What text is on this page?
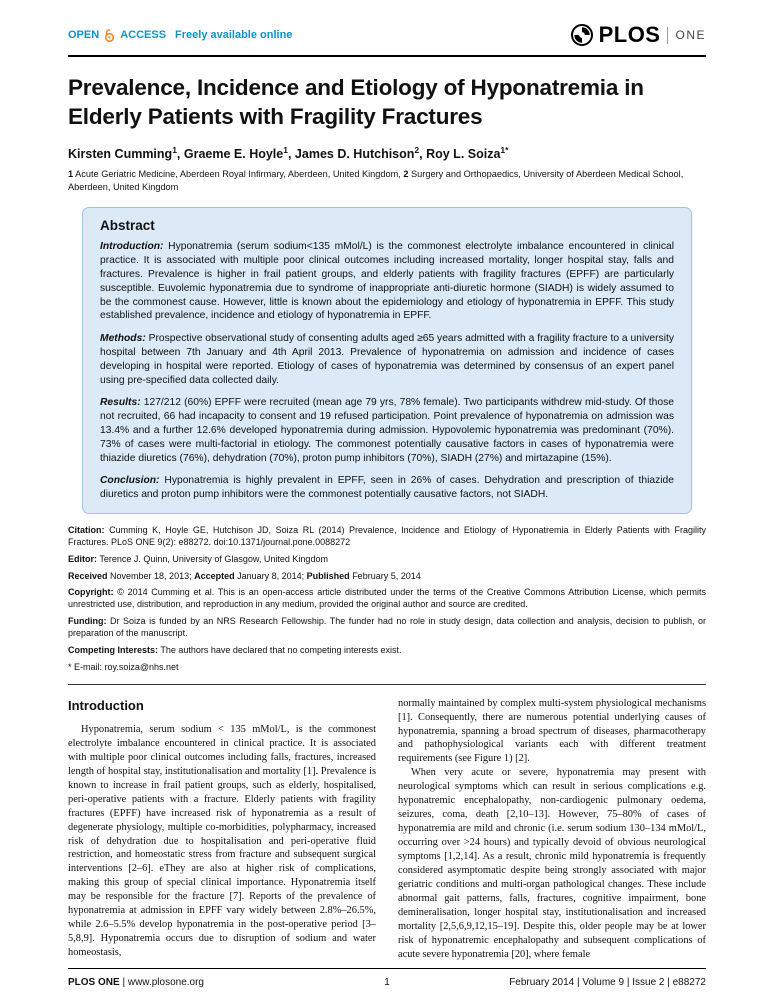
OPEN ACCESS Freely available online	PLOS ONE
Prevalence, Incidence and Etiology of Hyponatremia in Elderly Patients with Fragility Fractures

Kirsten Cumming$^1$, Graeme E. Hoyle$^1$, James D. Hutchison$^2$, Roy L. Soiza$^{1*}$

1 Acute Geriatric Medicine, Aberdeen Royal Infirmary, Aberdeen, United Kingdom, 2 Surgery and Orthopaedics, University of Aberdeen Medical School, Aberdeen, United Kingdom

Abstract

Introduction: Hyponatremia (serum sodium<135 mMol/L) is the commonest electrolyte imbalance encountered in clinical practice. It is associated with multiple poor clinical outcomes including increased mortality, longer hospital stay, falls and fractures. Prevalence is higher in frail patient groups, and elderly patients with fragility fractures (EPFF) are particularly susceptible. Euvolemic hyponatremia due to syndrome of inappropriate anti-diuretic hormone (SIADH) is widely assumed to be the commonest cause. However, little is known about the epidemiology and etiology of hyponatremia in EPFF. This study established prevalence, incidence and etiology of hyponatremia in EPFF.

Methods: Prospective observational study of consenting adults aged ≥65 years admitted with a fragility fracture to a university hospital between 7th January and 4th April 2013. Prevalence of hyponatremia on admission and incidence of cases developing in hospital were reported. Etiology of cases of hyponatremia was determined by consensus of an expert panel using pre-specified data collected daily.

Results: 127/212 (60%) EPFF were recruited (mean age 79 yrs, 78% female). Two participants withdrew mid-study. Of those not recruited, 66 had incapacity to consent and 19 refused participation. Point prevalence of hyponatremia on admission was 13.4% and a further 12.6% developed hyponatremia during admission. Hypovolemic hyponatremia was predominant (70%). 73% of cases were multi-factorial in etiology. The commonest potentially causative factors in cases of hyponatremia were thiazide diuretics (76%), dehydration (70%), proton pump inhibitors (70%), SIADH (27%) and mirtazapine (15%).

Conclusion: Hyponatremia is highly prevalent in EPFF, seen in 26% of cases. Dehydration and prescription of thiazide diuretics and proton pump inhibitors were the commonest potentially causative factors, not SIADH.

Citation: Cumming K, Hoyle GE, Hutchison JD, Soiza RL (2014) Prevalence, Incidence and Etiology of Hyponatremia in Elderly Patients with Fragility Fractures. PLoS ONE 9(2): e88272. doi:10.1371/journal.pone.0088272

Editor: Terence J. Quinn, University of Glasgow, United Kingdom

Received November 18, 2013; Accepted January 8, 2014; Published February 5, 2014

Copyright: © 2014 Cumming et al. This is an open-access article distributed under the terms of the Creative Commons Attribution License, which permits unrestricted use, distribution, and reproduction in any medium, provided the original author and source are credited.

Funding: Dr Soiza is funded by an NRS Research Fellowship. The funder had no role in study design, data collection and analysis, decision to publish, or preparation of the manuscript.

Competing Interests: The authors have declared that no competing interests exist.

* E-mail: roy.soiza@nhs.net

Introduction

Hyponatremia, serum sodium < 135 mMol/L, is the commonest electrolyte imbalance encountered in clinical practice. It is associated with multiple poor clinical outcomes including falls, fractures, increased length of hospital stay, institutionalisation and mortality [1]. Prevalence is known to increase in frail patient groups, such as elderly, hospitalised, peri-operative patients with a fracture. Elderly patients with fragility fractures (EPFF) have increased risk of hyponatremia as a result of degenerate physiology, multiple co-morbidities, polypharmacy, increased risk of dehydration due to hospitalisation and peri-operative fluid restriction, and homeostatic stress from fracture and subsequent surgical interventions [2–6]. eThey are also at higher risk of complications, making this group of special clinical importance. Hyponatremia itself may be responsible for the fracture [7]. Reports of the prevalence of hyponatremia at admission in EPFF vary widely between 2.8%–26.5%, while 2.6–5.5% develop hyponatremia in the post-operative period [3–5,8,9]. Hyponatremia occurs due to disruption of sodium and water homeostasis,

normally maintained by complex multi-system physiological mechanisms [1]. Consequently, there are numerous potential underlying causes of hyponatremia, spanning a broad spectrum of diseases, pharmacotherapy and pathophysiological variants each with different treatment requirements (see Figure 1) [2].

When very acute or severe, hyponatremia may present with neurological symptoms which can result in serious complications e.g. hyponatremic encephalopathy, non-cardiogenic pulmonary oedema, seizures, coma, death [2,10–13]. However, 75–80% of cases of hyponatremia are mild and chronic (i.e. serum sodium 130–134 mMol/L, occurring over >24 hours) and typically devoid of obvious neurological symptoms [1,2,14]. As a result, chronic mild hyponatremia is frequently considered asymptomatic despite being strongly associated with major geriatric conditions and multi-organ pathological changes. These include abnormal gait patterns, falls, fractures, cognitive impairment, bone demineralisation, longer hospital stay, institutionalisation and increased mortality [2,5,6,9,12,15–19]. Despite this, older people may be at lower risk of hyponatremic encephalopathy and subsequent complications of acute severe hyponatremia [20], where female

PLOS ONE | www.plosone.org	1	February 2014 | Volume 9 | Issue 2 | e88272
